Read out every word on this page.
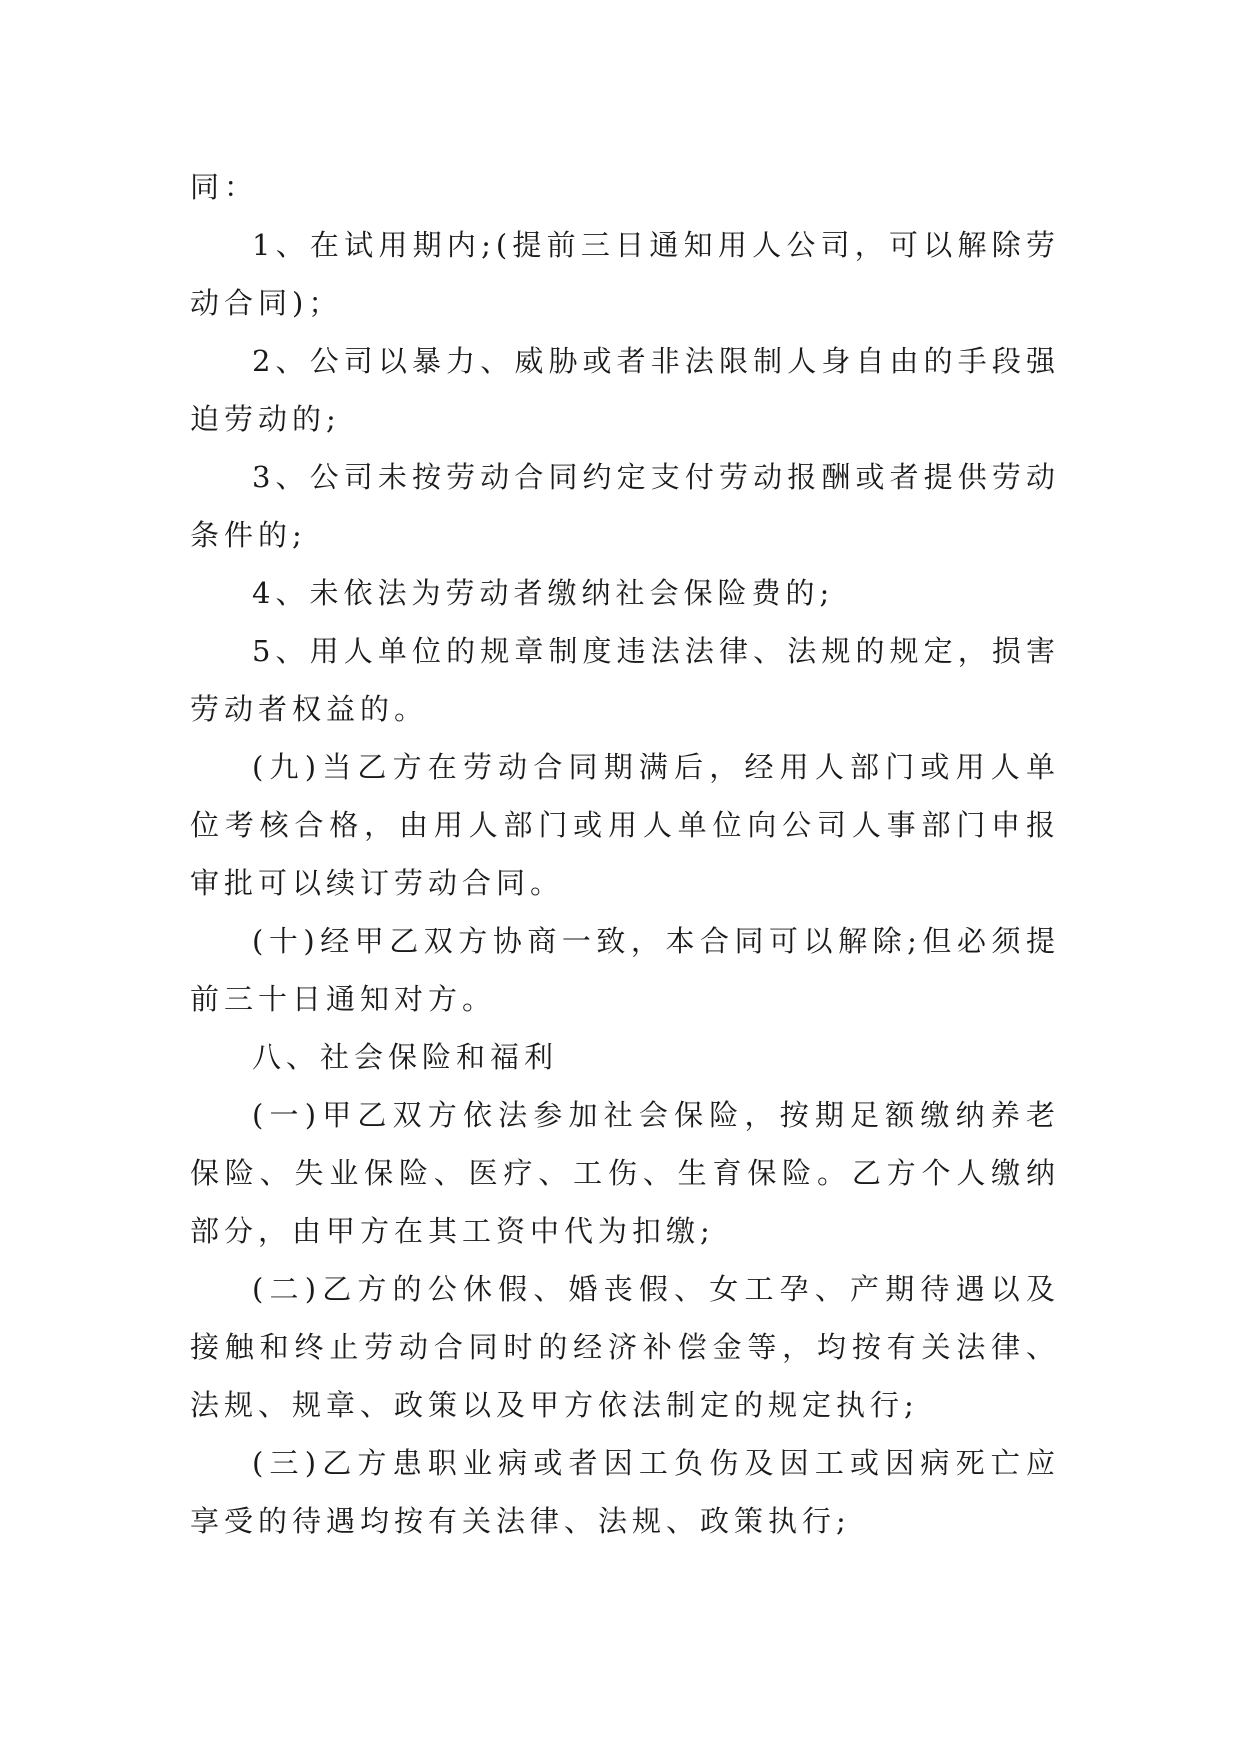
同：

1、在试用期内;(提前三日通知用人公司，可以解除劳动合同)；

2、公司以暴力、威胁或者非法限制人身自由的手段强迫劳动的;

3、公司未按劳动合同约定支付劳动报酬或者提供劳动条件的;

4、未依法为劳动者缴纳社会保险费的;

5、用人单位的规章制度违法法律、法规的规定，损害劳动者权益的。

(九)当乙方在劳动合同期满后，经用人部门或用人单位考核合格，由用人部门或用人单位向公司人事部门申报审批可以续订劳动合同。

(十)经甲乙双方协商一致，本合同可以解除;但必须提前三十日通知对方。

八、社会保险和福利

(一)甲乙双方依法参加社会保险，按期足额缴纳养老保险、失业保险、医疗、工伤、生育保险。乙方个人缴纳部分，由甲方在其工资中代为扣缴;

(二)乙方的公休假、婚丧假、女工孕、产期待遇以及接触和终止劳动合同时的经济补偿金等，均按有关法律、法规、规章、政策以及甲方依法制定的规定执行;

(三)乙方患职业病或者因工负伤及因工或因病死亡应享受的待遇均按有关法律、法规、政策执行;
